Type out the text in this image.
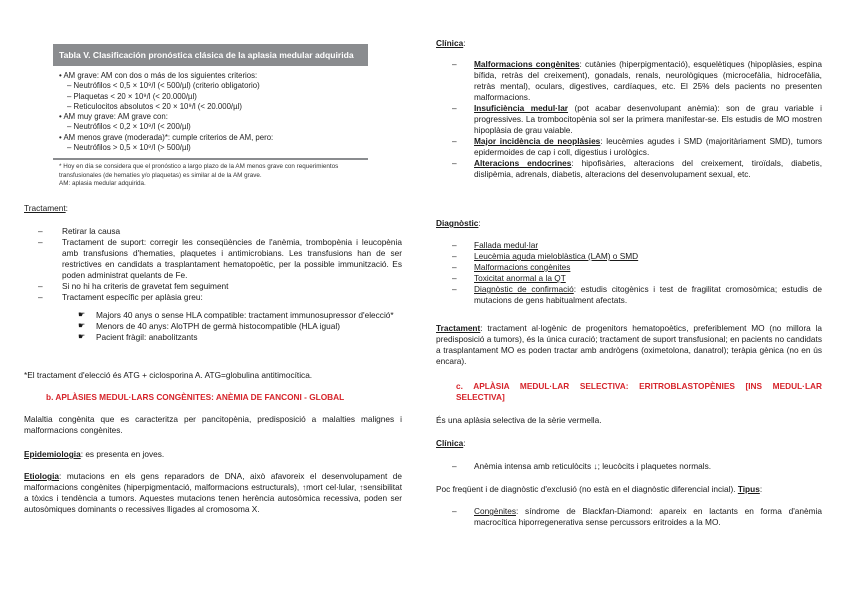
Tabla V. Clasificación pronóstica clásica de la aplasia medular adquirida
• AM grave: AM con dos o más de los siguientes criterios:
– Neutrófilos < 0,5 × 10⁹/l (< 500/µl) (criterio obligatorio)
– Plaquetas < 20 × 10⁹/l (< 20.000/µl)
– Reticulocitos absolutos < 20 × 10⁹/l (< 20.000/µl)
• AM muy grave: AM grave con:
– Neutrófilos < 0,2 × 10⁹/l (< 200/µl)
• AM menos grave (moderada)*: cumple criterios de AM, pero:
– Neutrófilos > 0,5 × 10⁹/l (> 500/µl)
* Hoy en día se considera que el pronóstico a largo plazo de la AM menos grave con requerimientos transfusionales (de hematíes y/o plaquetas) es similar al de la AM grave.
AM: aplasia medular adquirida.

Tractament:

– Retirar la causa
– Tractament de suport: corregir les conseqüències de l'anèmia, trombopènia i leucopènia amb transfusions d'hematies, plaquetes i antimicrobians. Les transfusions han de ser restrictives en candidats a trasplantament hematopoètic, per la possible immunització. Es poden administrat quelants de Fe.
– Si no hi ha criteris de gravetat fem seguiment
– Tractament específic per aplàsia greu:
☛ Majors 40 anys o sense HLA compatible: tractament immunosupressor d'elecció*
☛ Menors de 40 anys: AloTPH de germà histocompatible (HLA igual)
☛ Pacient fràgil: anabolitzants

*El tractament d'elecció és ATG + ciclosporina A. ATG=globulina antitimocítica.

b. APLÀSIES MEDUL·LARS CONGÈNITES: ANÈMIA DE FANCONI - GLOBAL

Malaltia congènita que es caracteritza per pancitopènia, predisposició a malalties malignes i malformacions congènites.

Epidemiologia: es presenta en joves.

Etiologia: mutacions en els gens reparadors de DNA, això afavoreix el desenvolupament de malformacions congènites (hiperpigmentació, malformacions estructurals), ↑mort cel·lular, ↑sensibilitat a tòxics i tendència a tumors. Aquestes mutacions tenen herència autosòmica recessiva, poden ser autosòmiques dominants o recessives lligades al cromosoma X.

Clínica:

– Malformacions congènites: cutànies (hiperpigmentació), esquelètiques (hipoplàsies, espina bífida, retràs del creixement), gonadals, renals, neurològiques (microcefàlia, hidrocefàlia, retràs mental), oculars, digestives, cardíaques, etc. El 25% dels pacients no presenten malformacions.
– Insuficiència medul·lar (pot acabar desenvolupant anèmia): son de grau variable i progressives. La trombocitopènia sol ser la primera manifestar-se. Els estudis de MO mostren hipoplàsia de grau vaiable.
– Major incidència de neoplàsies: leucèmies agudes i SMD (majoritàriament SMD), tumors epidermoides de cap i coll, digestius i urològics.
– Alteracions endocrines: hipofisàries, alteracions del creixement, tiroïdals, diabetis, dislipèmia, adrenals, diabetis, alteracions del desenvolupament sexual, etc.

Diagnòstic:

– Fallada medul·lar
– Leucèmia aguda mieloblàstica (LAM) o SMD
– Malformacions congènites
– Toxicitat anormal a la QT
– Diagnòstic de confirmació: estudis citogènics i test de fragilitat cromosòmica; estudis de mutacions de gens habitualment afectats.

Tractament: tractament al·logènic de progenitors hematopoètics, preferiblement MO (no millora la predisposició a tumors), és la única curació; tractament de suport transfusional; en pacients no candidats a trasplantament MO es poden tractar amb andrògens (oximetolona, danatrol); teràpia gènica (no en ús encara).

c. APLÀSIA MEDUL·LAR SELECTIVA: ERITROBLASTOPÈNIES [INS MEDUL·LAR SELECTIVA]

És una aplàsia selectiva de la sèrie vermella.

Clínica:

– Anèmia intensa amb reticulòcits ↓; leucòcits i plaquetes normals.

Poc freqüent i de diagnòstic d'exclusió (no està en el diagnòstic diferencial incial). Tipus:

– Congènites: síndrome de Blackfan-Diamond: apareix en lactants en forma d'anèmia macrocítica hiporregenerativa sense percussors eritroides a la MO.
